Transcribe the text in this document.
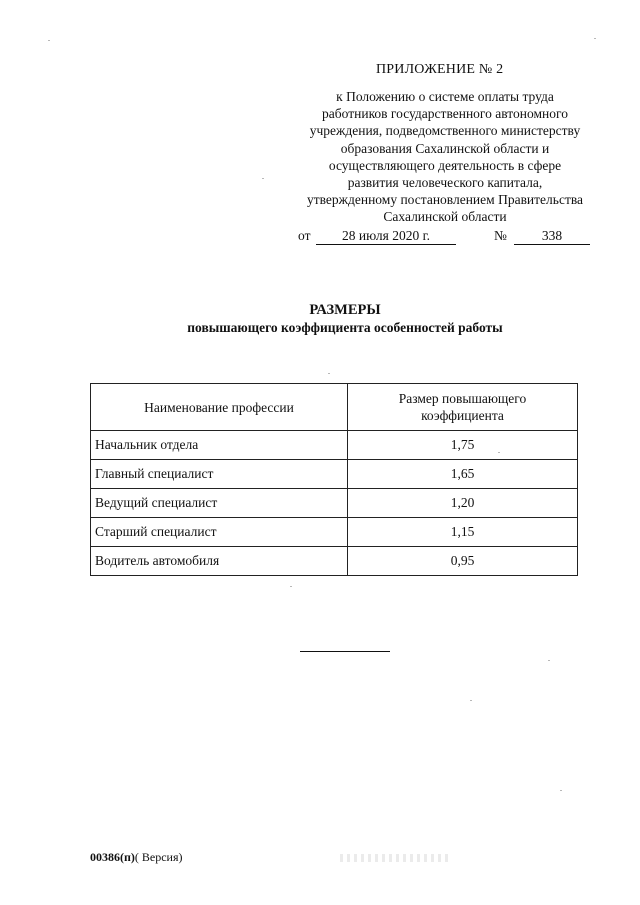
ПРИЛОЖЕНИЕ № 2
к Положению о системе оплаты труда
работников государственного автономного
учреждения, подведомственного министерству
образования Сахалинской области и
осуществляющего деятельность в сфере
развития человеческого капитала,
утвержденному постановлением Правительства
Сахалинской области
от	28 июля 2020 г.	№	338
РАЗМЕРЫ
повышающего коэффициента особенностей работы
Наименование профессии	Размер повышающего коэффициента
Начальник отдела	1,75
Главный специалист	1,65
Ведущий специалист	1,20
Старший специалист	1,15
Водитель автомобиля	0,95
00386(п)( Версия)
